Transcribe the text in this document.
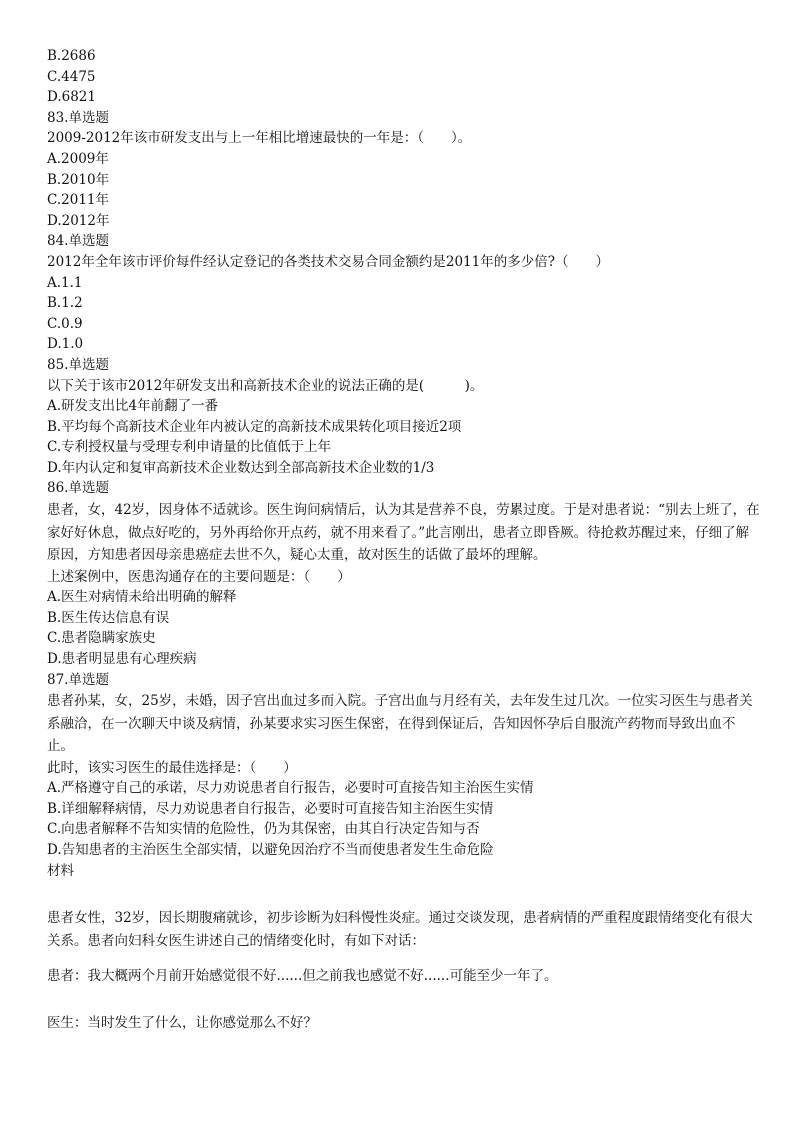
B.2686
C.4475
D.6821
83.单选题
2009-2012年该市研发支出与上一年相比增速最快的一年是：（　　）。
A.2009年
B.2010年
C.2011年
D.2012年
84.单选题
2012年全年该市评价每件经认定登记的各类技术交易合同金额约是2011年的多少倍?（　　）
A.1.1
B.1.2
C.0.9
D.1.0
85.单选题
以下关于该市2012年研发支出和高新技术企业的说法正确的是(　　　)。
A.研发支出比4年前翻了一番
B.平均每个高新技术企业年内被认定的高新技术成果转化项目接近2项
C.专利授权量与受理专利申请量的比值低于上年
D.年内认定和复审高新技术企业数达到全部高新技术企业数的1/3
86.单选题

患者，女，42岁，因身体不适就诊。医生询问病情后，认为其是营养不良，劳累过度。于是对患者说：“别去上班了，在家好好休息，做点好吃的，另外再给你开点药，就不用来看了。”此言刚出，患者立即昏厥。待抢救苏醒过来，仔细了解原因，方知患者因母亲患癌症去世不久，疑心太重，故对医生的话做了最坏的理解。

上述案例中，医患沟通存在的主要问题是：（　　）
A.医生对病情未给出明确的解释
B.医生传达信息有误
C.患者隐瞒家族史
D.患者明显患有心理疾病
87.单选题

患者孙某，女，25岁，未婚，因子宫出血过多而入院。子宫出血与月经有关，去年发生过几次。一位实习医生与患者关系融洽，在一次聊天中谈及病情，孙某要求实习医生保密，在得到保证后，告知因怀孕后自服流产药物而导致出血不止。

此时，该实习医生的最佳选择是：（　　）
A.严格遵守自己的承诺，尽力劝说患者自行报告，必要时可直接告知主治医生实情
B.详细解释病情，尽力劝说患者自行报告，必要时可直接告知主治医生实情
C.向患者解释不告知实情的危险性，仍为其保密，由其自行决定告知与否
D.告知患者的主治医生全部实情，以避免因治疗不当而使患者发生生命危险
材料

患者女性，32岁，因长期腹痛就诊，初步诊断为妇科慢性炎症。通过交谈发现，患者病情的严重程度跟情绪变化有很大关系。患者向妇科女医生讲述自己的情绪变化时，有如下对话：

患者：我大概两个月前开始感觉很不好......但之前我也感觉不好......可能至少一年了。
医生：当时发生了什么，让你感觉那么不好？
